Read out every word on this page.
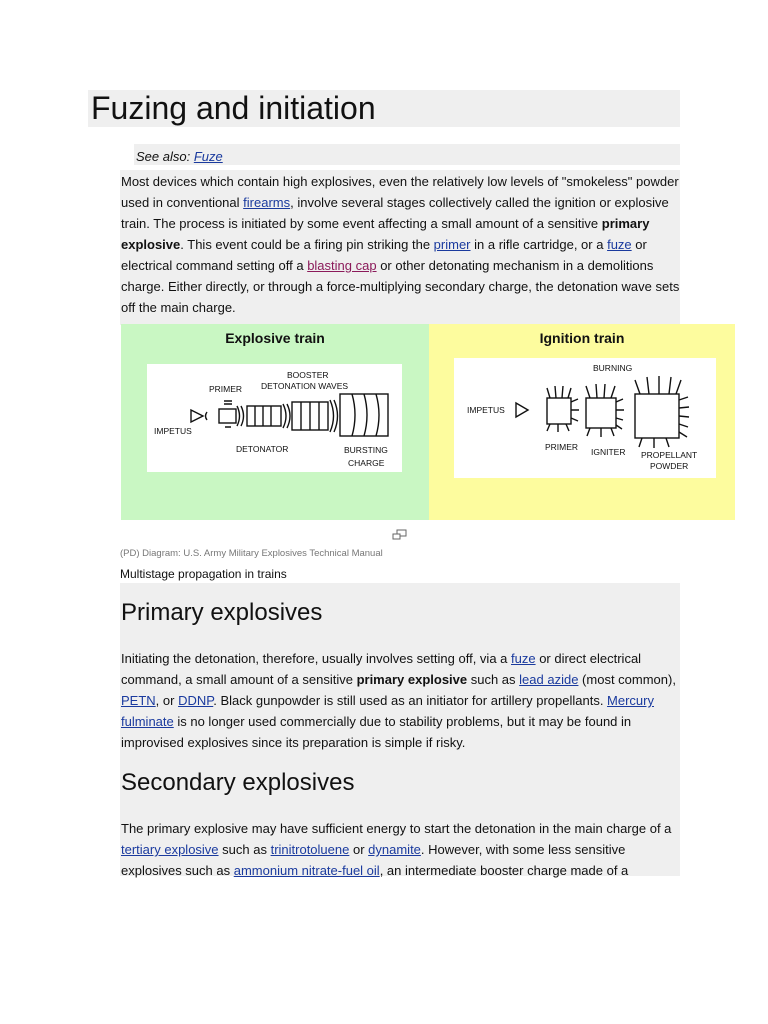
Fuzing and initiation
See also: Fuze
Most devices which contain high explosives, even the relatively low levels of "smokeless" powder used in conventional firearms, involve several stages collectively called the ignition or explosive train. The process is initiated by some event affecting a small amount of a sensitive primary explosive. This event could be a firing pin striking the primer in a rifle cartridge, or a fuze or electrical command setting off a blasting cap or other detonating mechanism in a demolitions charge. Either directly, or through a force-multiplying secondary charge, the detonation wave sets off the main charge.
Explosive train
BOOSTER
DETONATION WAVES
PRIMER
IMPETUS
DETONATOR	BURSTING
CHARGE
Ignition train
BURNING
IMPETUS
PRIMER IGNITER PROPELLANT
POWDER
(PD) Diagram: U.S. Army Military Explosives Technical Manual
Multistage propagation in trains
Primary explosives

Initiating the detonation, therefore, usually involves setting off, via a fuze or direct electrical command, a small amount of a sensitive primary explosive such as lead azide (most common), PETN, or DDNP. Black gunpowder is still used as an initiator for artillery propellants. Mercury fulminate is no longer used commercially due to stability problems, but it may be found in improvised explosives since its preparation is simple if risky.

Secondary explosives

The primary explosive may have sufficient energy to start the detonation in the main charge of a tertiary explosive such as trinitrotoluene or dynamite. However, with some less sensitive explosives such as ammonium nitrate-fuel oil, an intermediate booster charge made of a
